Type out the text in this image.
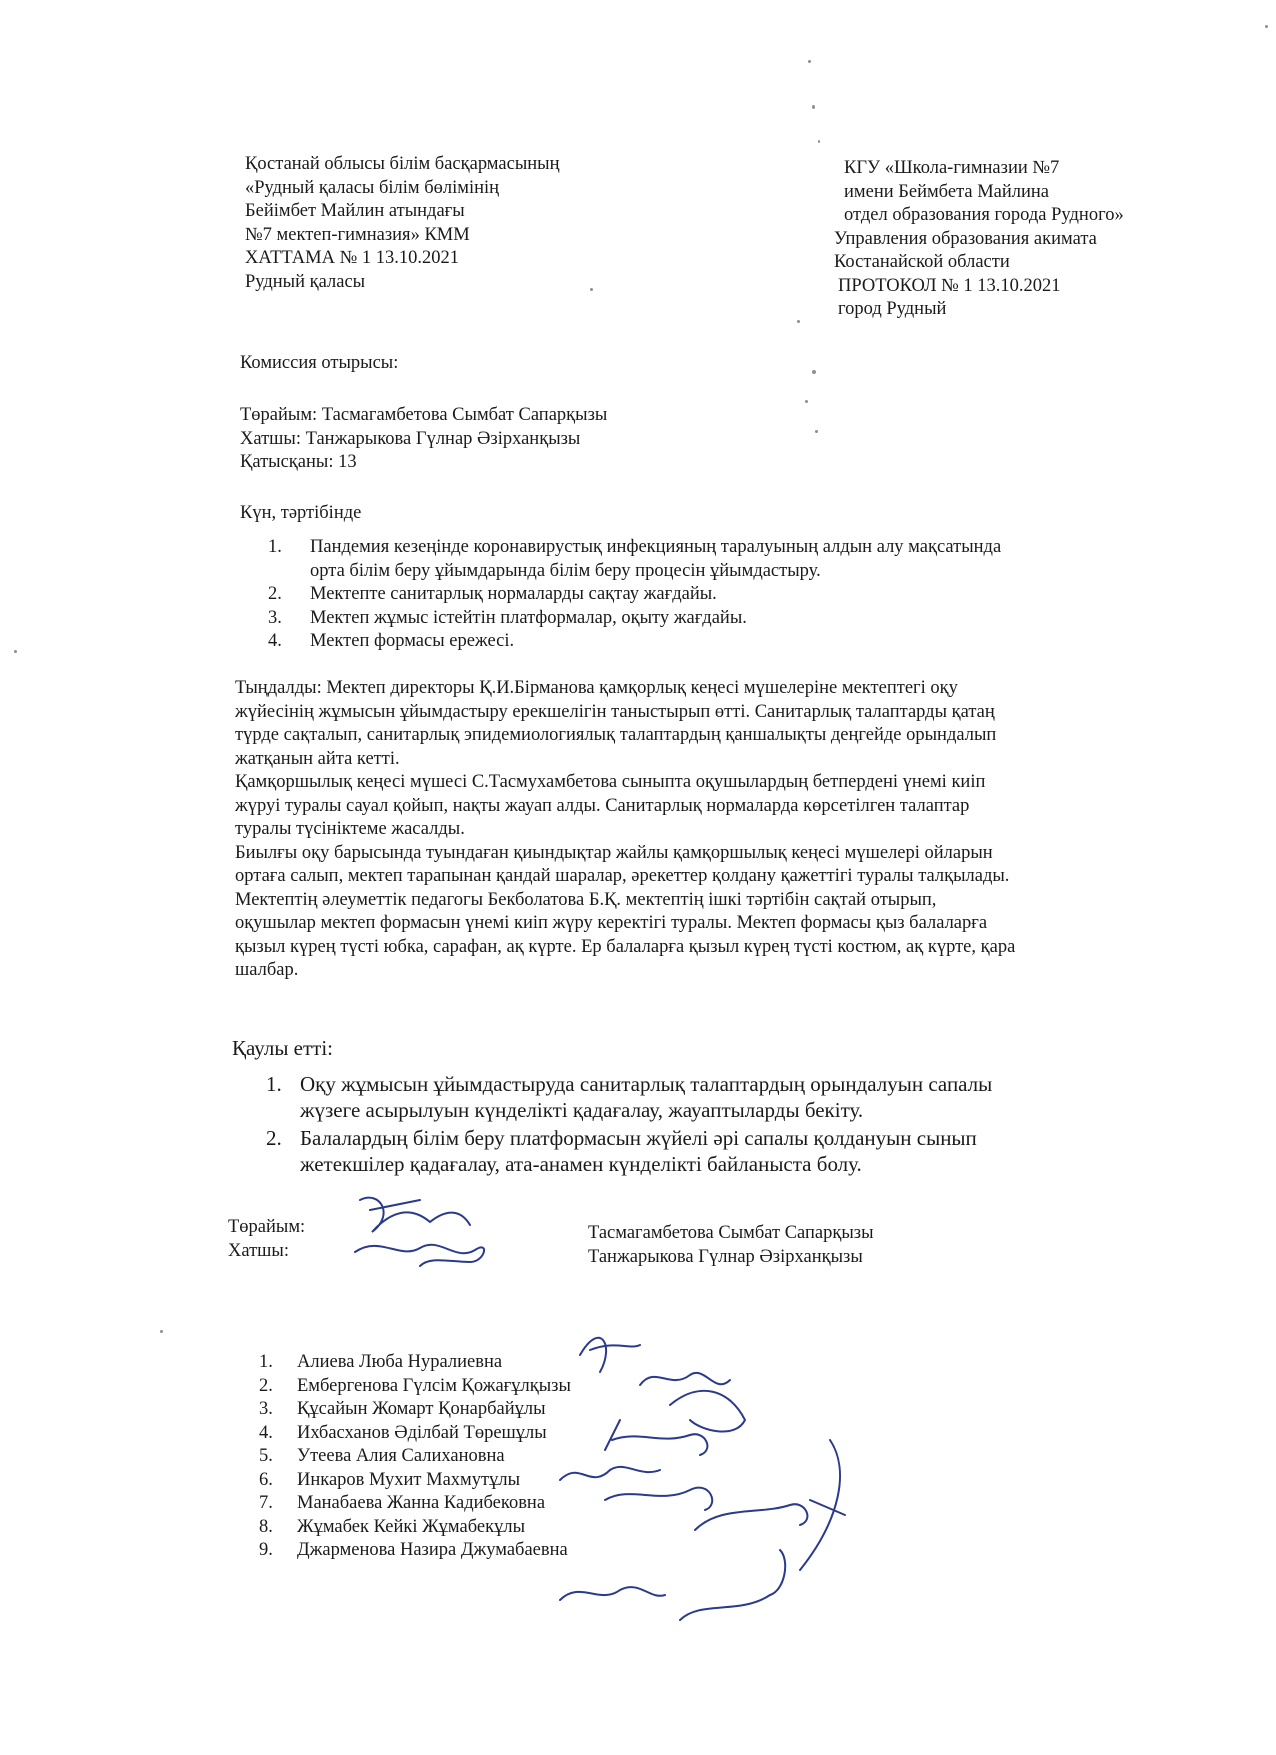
Қостанай облысы білім басқармасының
«Рудный қаласы білім бөлімінің
Бейімбет Майлин атындағы
№7 мектеп-гимназия» КММ
ХАТТАМА № 1 13.10.2021
Рудный қаласы
КГУ «Школа-гимназии №7
имени Беймбета Майлина
отдел образования города Рудного»
Управления образования акимата
Костанайской области
ПРОТОКОЛ № 1 13.10.2021
город Рудный
Комиссия отырысы:
Төрайым: Тасмагамбетова Сымбат Сапарқызы
Хатшы: Танжарыкова Гүлнар Әзірханқызы
Қатысқаны: 13
Күн, тәртібінде
1. Пандемия кезеңінде коронавирустық инфекцияның таралуының алдын алу мақсатында
орта білім беру ұйымдарында білім беру процесін ұйымдастыру.
2. Мектепте санитарлық нормаларды сақтау жағдайы.
3. Мектеп жұмыс істейтін платформалар, оқыту жағдайы.
4. Мектеп формасы ережесі.
Тыңдалды: Мектеп директоры Қ.И.Бірманова қамқорлық кеңесі мүшелеріне мектептегі оқу
жүйесінің жұмысын ұйымдастыру ерекшелігін таныстырып өтті. Санитарлық талаптарды қатаң
түрде сақталып, санитарлық эпидемиологиялық талаптардың қаншалықты деңгейде орындалып
жатқанын айта кетті.
Қамқоршылық кеңесі мүшесі С.Тасмухамбетова сыныпта оқушылардың бетпердені үнемі киіп
жүруі туралы сауал қойып, нақты жауап алды. Санитарлық нормаларда көрсетілген талаптар
туралы түсініктеме жасалды.
Биылғы оқу барысында туындаған қиындықтар жайлы қамқоршылық кеңесі мүшелері ойларын
ортаға салып, мектеп тарапынан қандай шаралар, әрекеттер қолдану қажеттігі туралы талқылады.
Мектептің әлеуметтік педагогы Бекболатова Б.Қ. мектептің ішкі тәртібін сақтай отырып,
оқушылар мектеп формасын үнемі киіп жүру керектігі туралы. Мектеп формасы қыз балаларға
қызыл күрең түсті юбка, сарафан, ақ күрте. Ер балаларға қызыл күрең түсті костюм, ақ күрте, қара
шалбар.
Қаулы етті:
1. Оқу жұмысын ұйымдастыруда санитарлық талаптардың орындалуын сапалы
жүзеге асырылуын күнделікті қадағалау, жауаптыларды бекіту.
2. Балалардың білім беру платформасын жүйелі әрі сапалы қолдануын сынып
жетекшілер қадағалау, ата-анамен күнделікті байланыста болу.
Төрайым:
Хатшы:
Тасмагамбетова Сымбат Сапарқызы
Танжарыкова Гүлнар Әзірханқызы
1. Алиева Люба Нуралиевна
2. Ембергенова Гүлсім Қожағұлқызы
3. Құсайын Жомарт Қонарбайұлы
4. Ихбасханов Әділбай Төрешұлы
5. Утеева Алия Салихановна
6. Инкаров Мухит Махмутұлы
7. Манабаева Жанна Кадибековна
8. Жұмабек Кейкі Жұмабекұлы
9. Джарменова Назира Джумабаевна
